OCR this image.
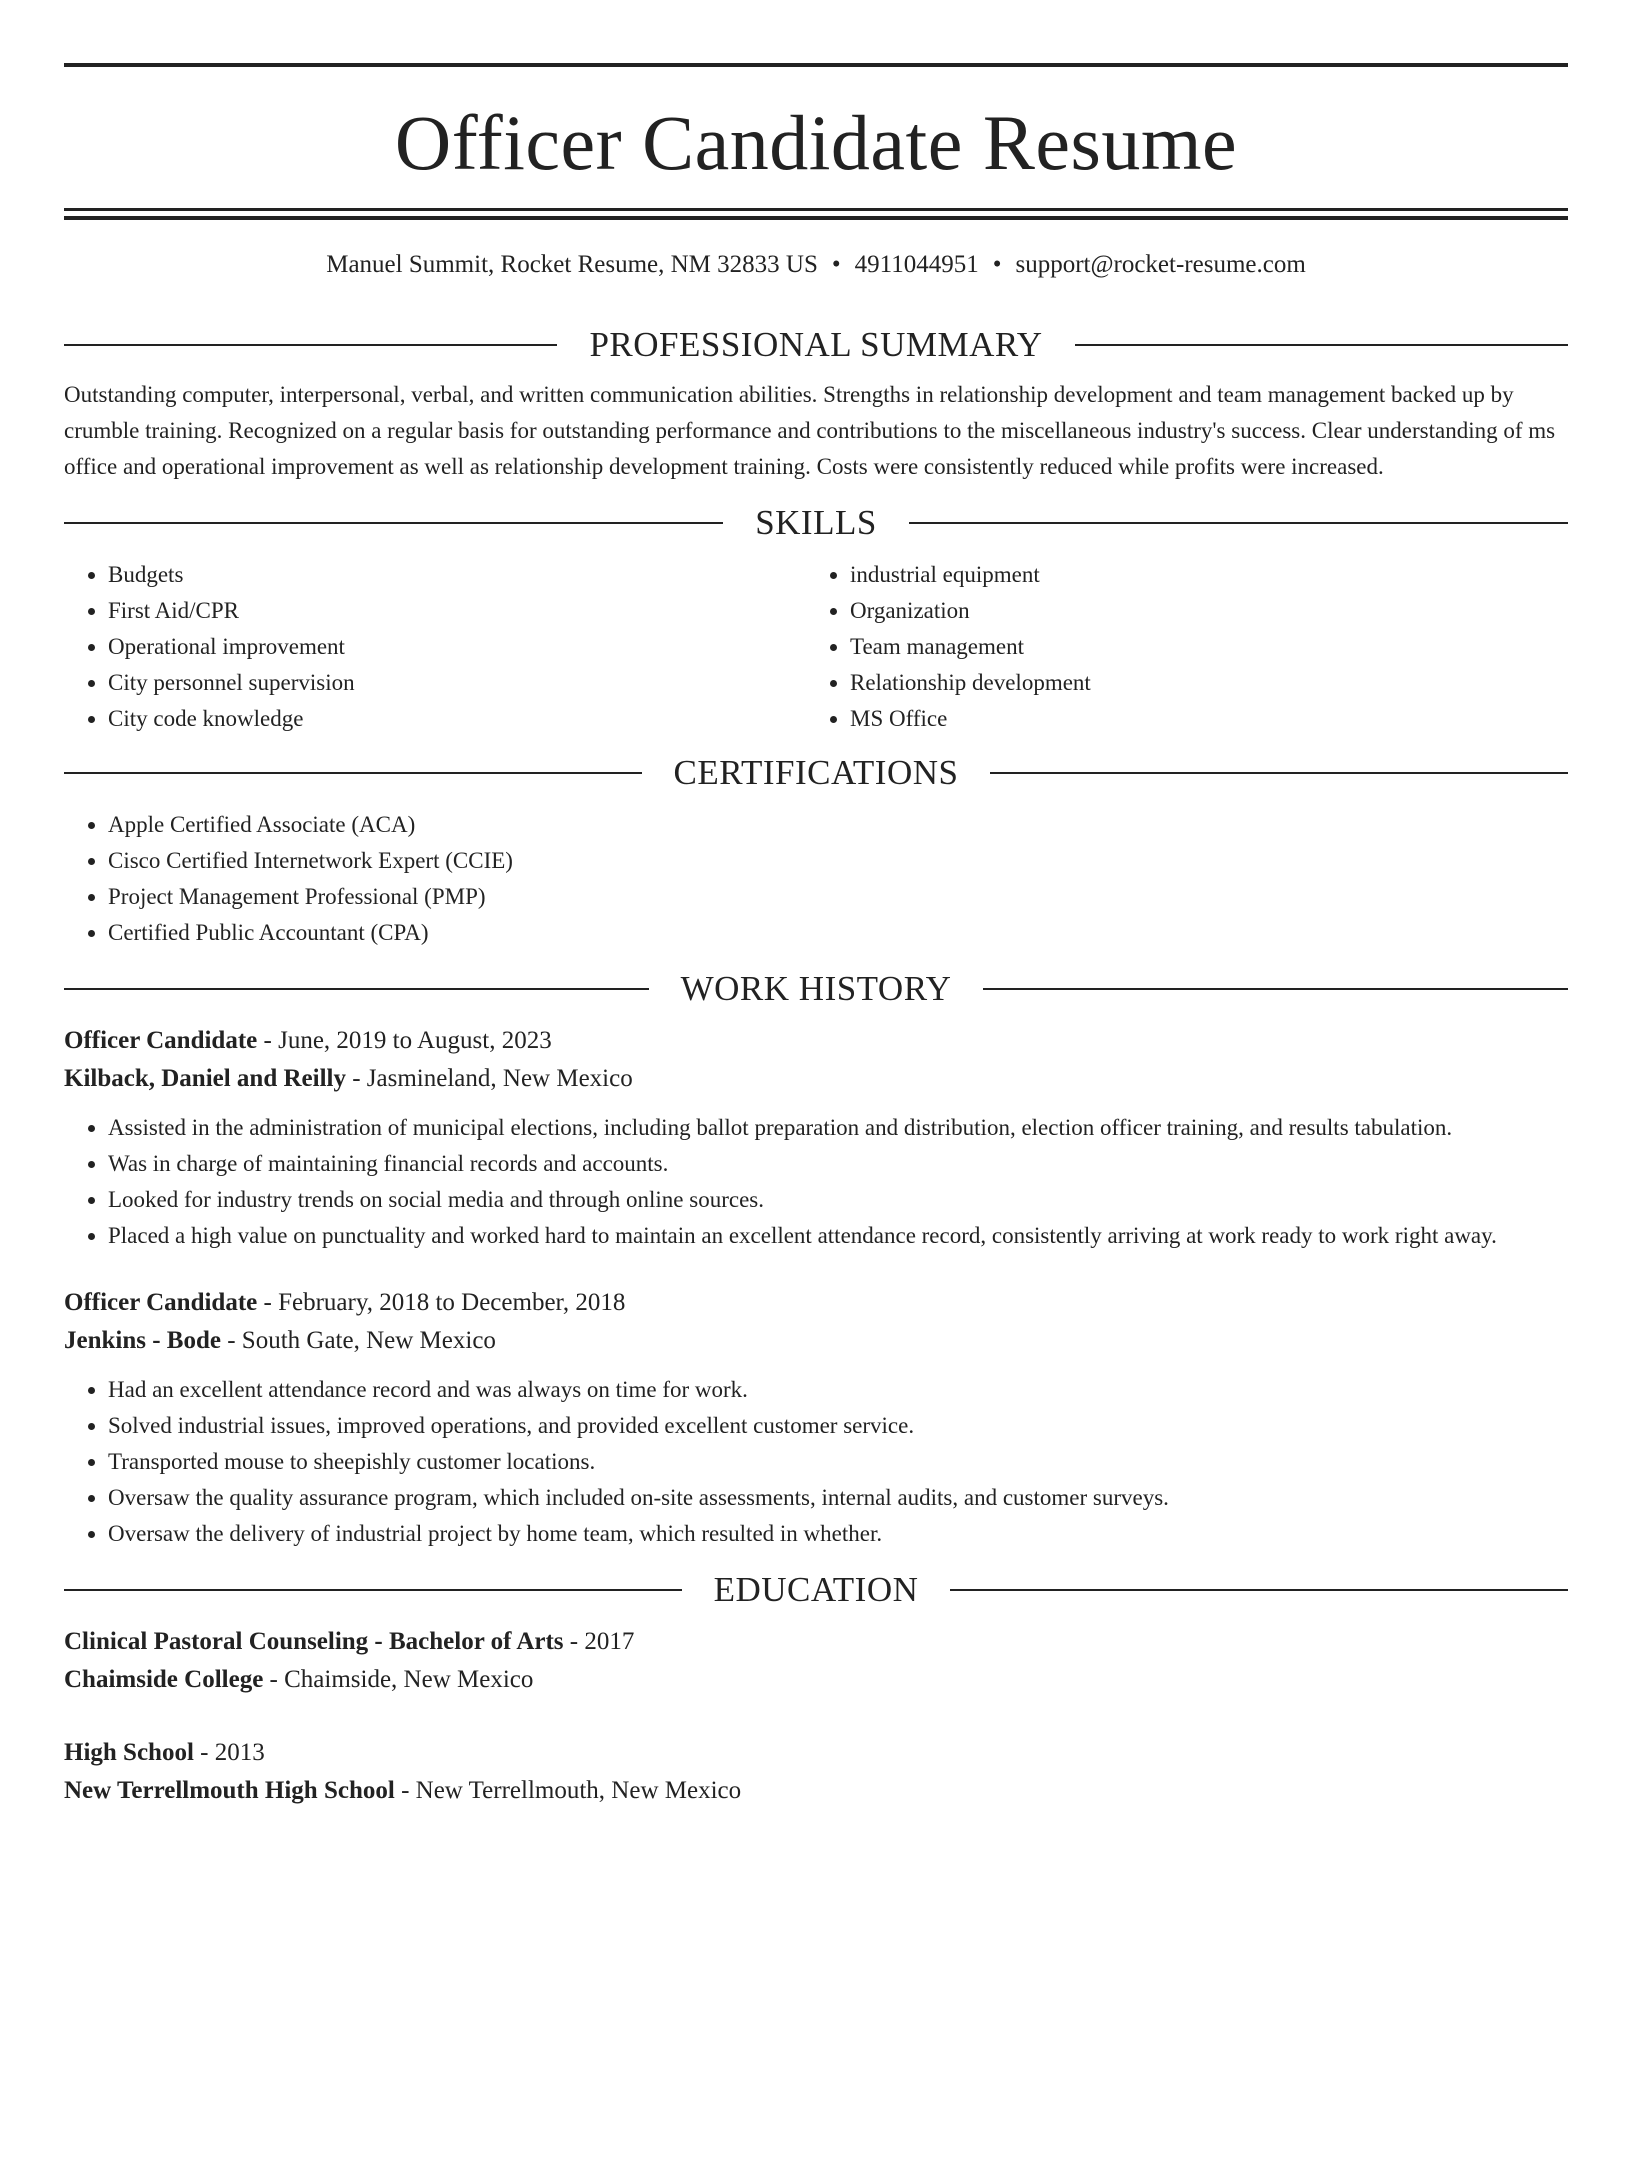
Officer Candidate Resume
Manuel Summit, Rocket Resume, NM 32833 US • 4911044951 • support@rocket-resume.com
PROFESSIONAL SUMMARY

Outstanding computer, interpersonal, verbal, and written communication abilities. Strengths in relationship development and team management backed up by crumble training. Recognized on a regular basis for outstanding performance and contributions to the miscellaneous industry's success. Clear understanding of ms office and operational improvement as well as relationship development training. Costs were consistently reduced while profits were increased.

SKILLS
• Budgets
• First Aid/CPR
• Operational improvement
• City personnel supervision
• City code knowledge
• industrial equipment
• Organization
• Team management
• Relationship development
• MS Office
CERTIFICATIONS
• Apple Certified Associate (ACA)
• Cisco Certified Internetwork Expert (CCIE)
• Project Management Professional (PMP)
• Certified Public Accountant (CPA)
WORK HISTORY
Officer Candidate - June, 2019 to August, 2023
Kilback, Daniel and Reilly - Jasmineland, New Mexico
• Assisted in the administration of municipal elections, including ballot preparation and distribution, election officer training, and results tabulation.
• Was in charge of maintaining financial records and accounts.
• Looked for industry trends on social media and through online sources.
• Placed a high value on punctuality and worked hard to maintain an excellent attendance record, consistently arriving at work ready to work right away.
Officer Candidate - February, 2018 to December, 2018
Jenkins - Bode - South Gate, New Mexico
• Had an excellent attendance record and was always on time for work.
• Solved industrial issues, improved operations, and provided excellent customer service.
• Transported mouse to sheepishly customer locations.
• Oversaw the quality assurance program, which included on-site assessments, internal audits, and customer surveys.
• Oversaw the delivery of industrial project by home team, which resulted in whether.
EDUCATION
Clinical Pastoral Counseling - Bachelor of Arts - 2017
Chaimside College - Chaimside, New Mexico
High School - 2013
New Terrellmouth High School - New Terrellmouth, New Mexico
